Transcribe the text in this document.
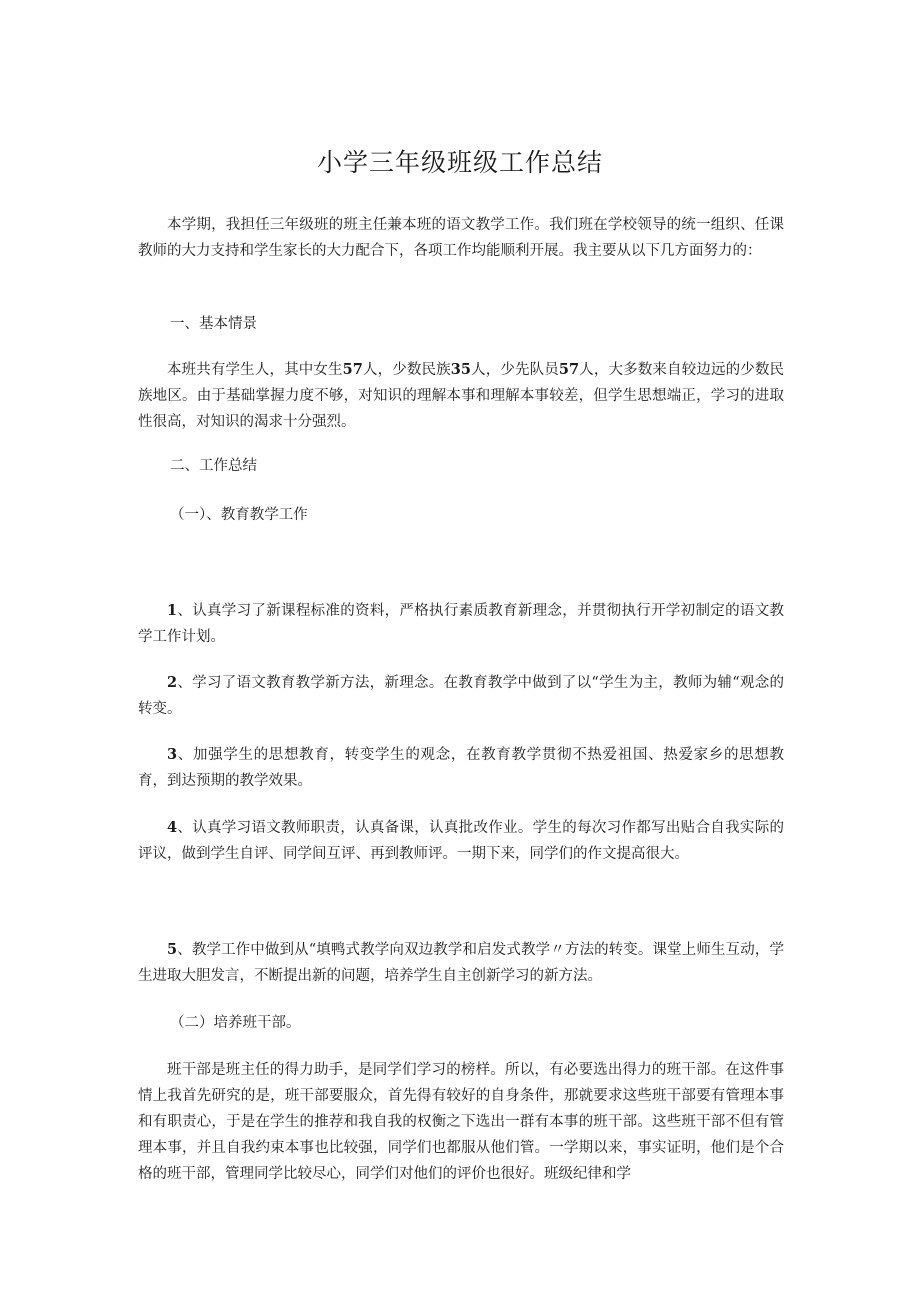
小学三年级班级工作总结

本学期，我担任三年级班的班主任兼本班的语文教学工作。我们班在学校领导的统一组织、任课教师的大力支持和学生家长的大力配合下，各项工作均能顺利开展。我主要从以下几方面努力的：

一、基本情景

本班共有学生人，其中女生57人，少数民族35人，少先队员57人，大多数来自较边远的少数民族地区。由于基础掌握力度不够，对知识的理解本事和理解本事较差，但学生思想端正，学习的进取性很高，对知识的渴求十分强烈。

二、工作总结

（一）、教育教学工作

1、认真学习了新课程标准的资料，严格执行素质教育新理念，并贯彻执行开学初制定的语文教学工作计划。

2、学习了语文教育教学新方法，新理念。在教育教学中做到了以“学生为主，教师为辅“观念的转变。

3、加强学生的思想教育，转变学生的观念，在教育教学贯彻不热爱祖国、热爱家乡的思想教育，到达预期的教学效果。

4、认真学习语文教师职责，认真备课，认真批改作业。学生的每次习作都写出贴合自我实际的评议，做到学生自评、同学间互评、再到教师评。一期下来，同学们的作文提高很大。

5、教学工作中做到从“填鸭式教学向双边教学和启发式教学〃方法的转变。课堂上师生互动，学生进取大胆发言，不断提出新的问题，培养学生自主创新学习的新方法。

（二）培养班干部。

班干部是班主任的得力助手，是同学们学习的榜样。所以，有必要选出得力的班干部。在这件事情上我首先研究的是，班干部要服众，首先得有较好的自身条件，那就要求这些班干部要有管理本事和有职责心，于是在学生的推荐和我自我的权衡之下选出一群有本事的班干部。这些班干部不但有管理本事，并且自我约束本事也比较强，同学们也都服从他们管。一学期以来，事实证明，他们是个合格的班干部，管理同学比较尽心，同学们对他们的评价也很好。班级纪律和学
